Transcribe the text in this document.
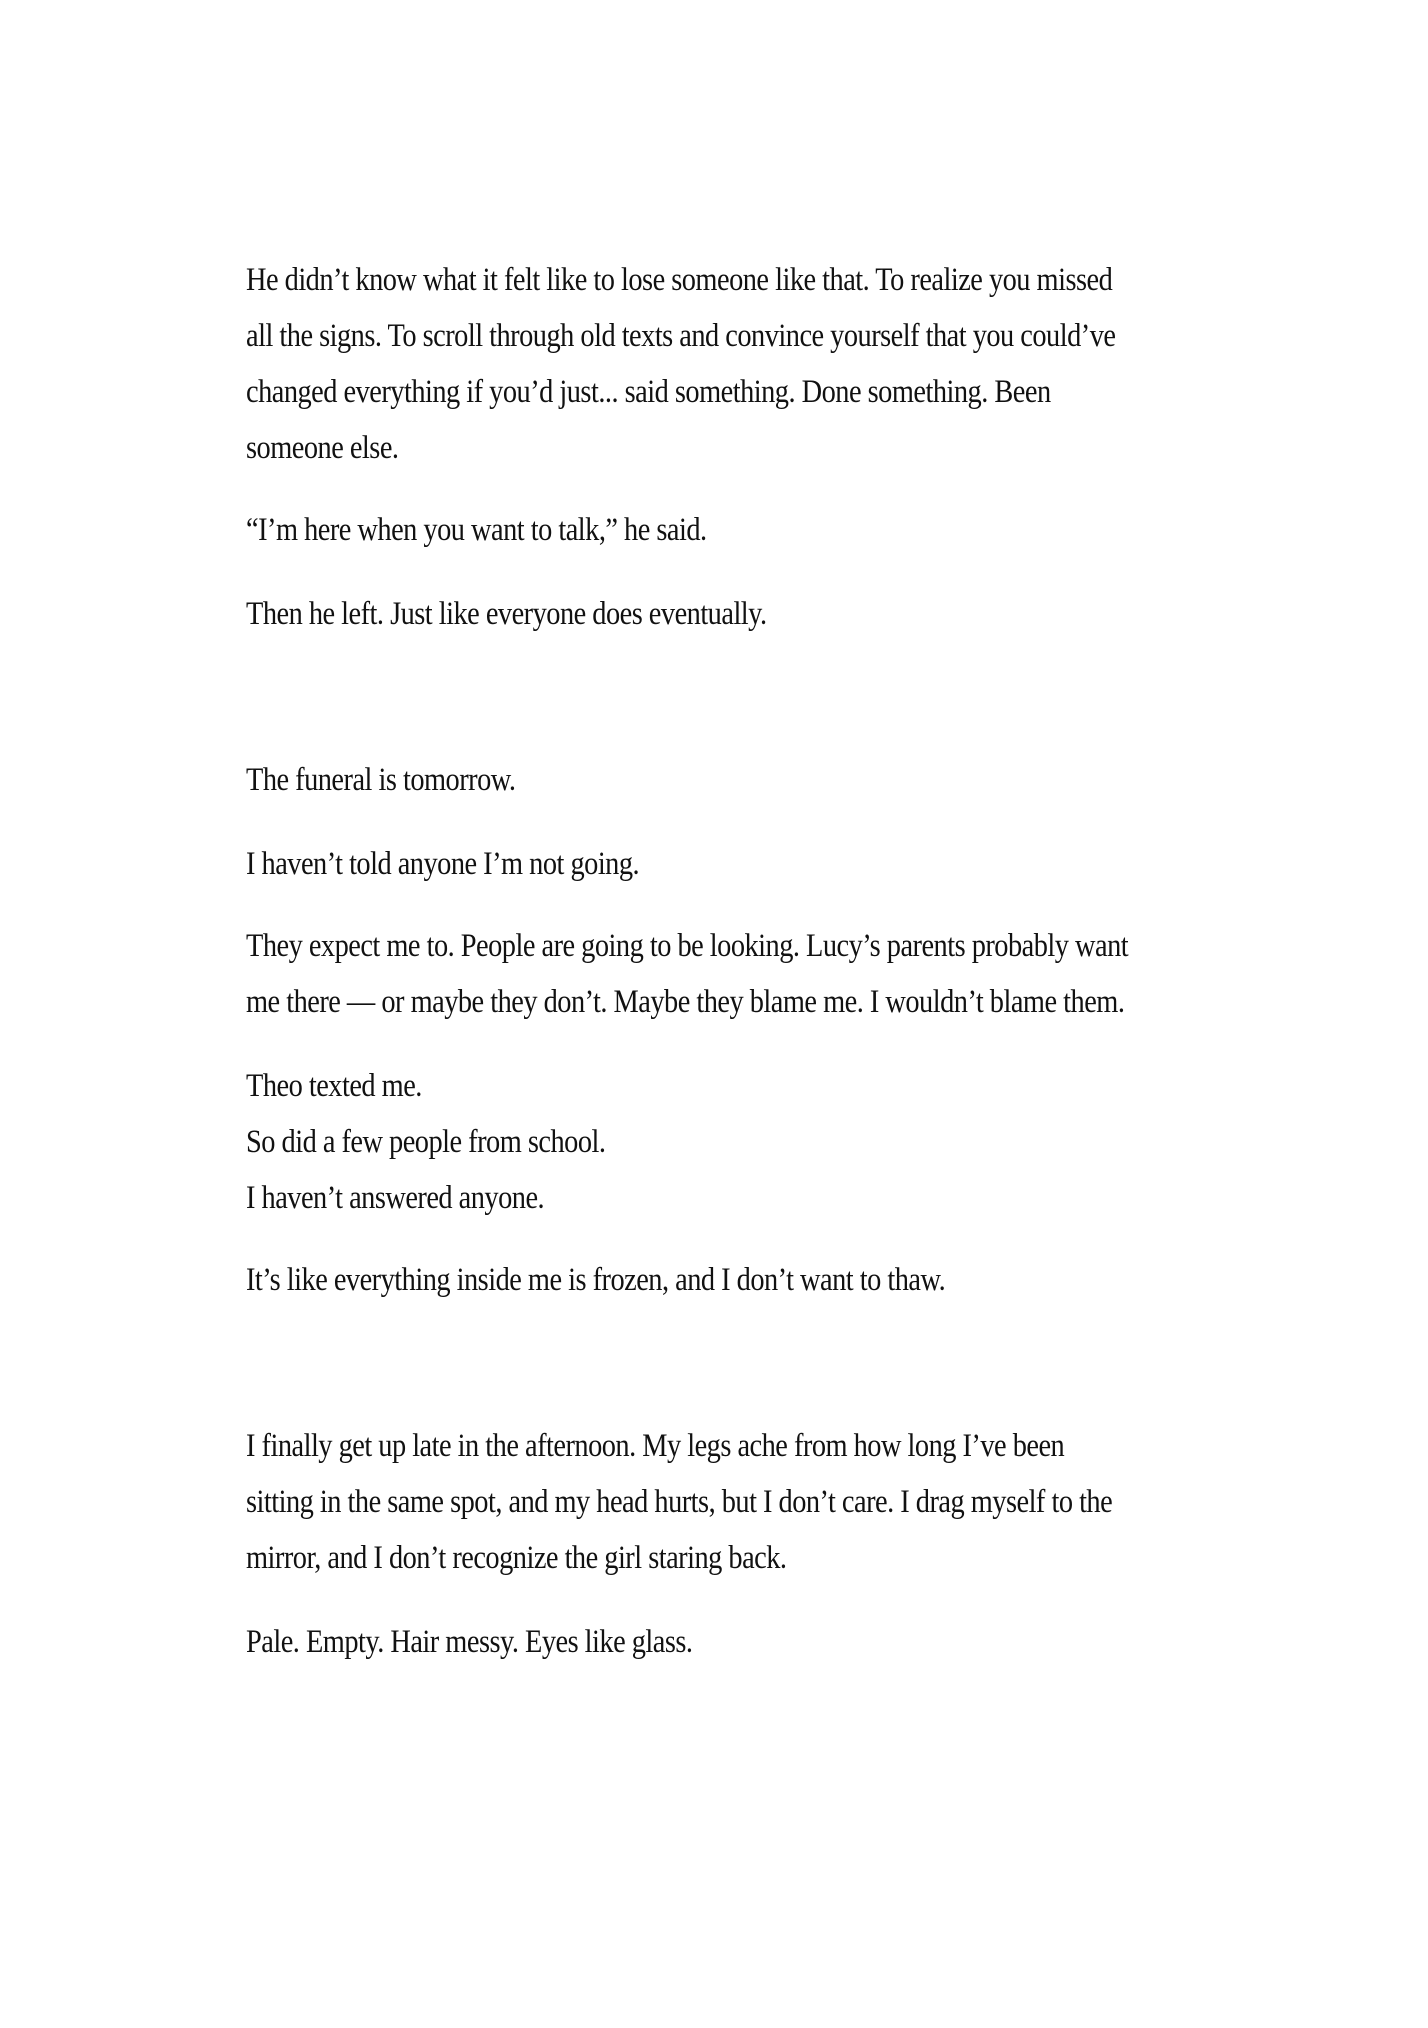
He didn’t know what it felt like to lose someone like that. To realize you missed
all the signs. To scroll through old texts and convince yourself that you could’ve
changed everything if you’d just... said something. Done something. Been
someone else.
“I’m here when you want to talk,” he said.
Then he left. Just like everyone does eventually.
The funeral is tomorrow.
I haven’t told anyone I’m not going.
They expect me to. People are going to be looking. Lucy’s parents probably want
me there — or maybe they don’t. Maybe they blame me. I wouldn’t blame them.
Theo texted me.
So did a few people from school.
I haven’t answered anyone.
It’s like everything inside me is frozen, and I don’t want to thaw.
I finally get up late in the afternoon. My legs ache from how long I’ve been
sitting in the same spot, and my head hurts, but I don’t care. I drag myself to the
mirror, and I don’t recognize the girl staring back.
Pale. Empty. Hair messy. Eyes like glass.
